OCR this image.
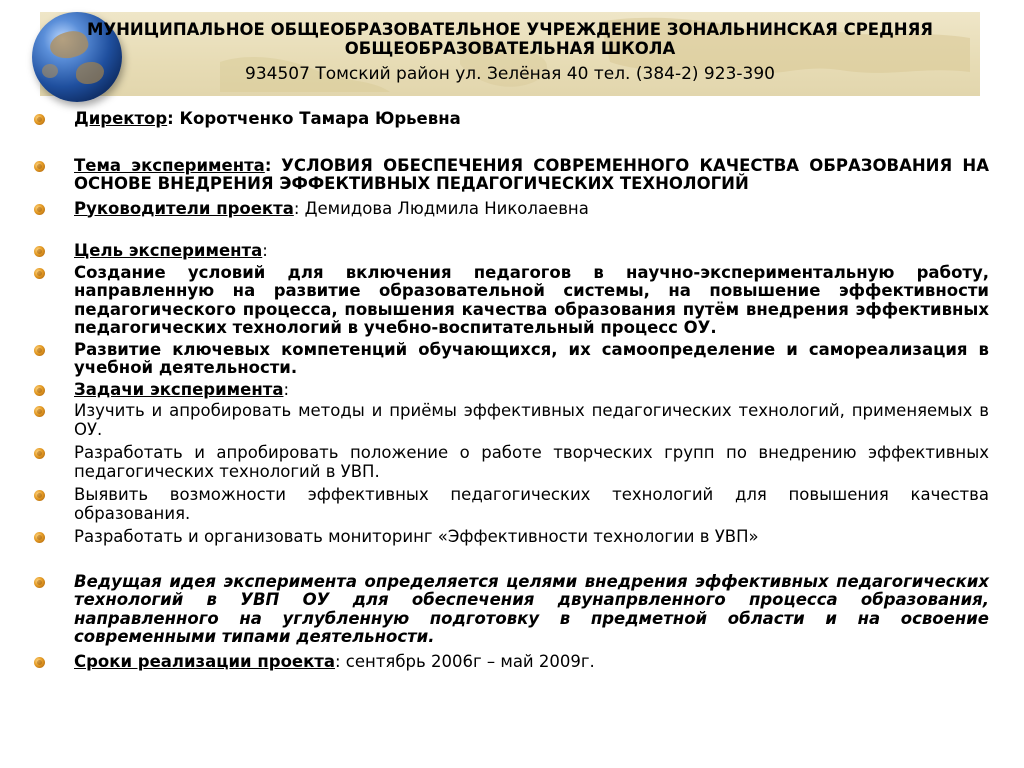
МУНИЦИПАЛЬНОЕ ОБЩЕОБРАЗОВАТЕЛЬНОЕ УЧРЕЖДЕНИЕ ЗОНАЛЬНИНСКАЯ СРЕДНЯЯ
ОБЩЕОБРАЗОВАТЕЛЬНАЯ ШКОЛА
934507 Томский район ул. Зелёная 40 тел. (384-2) 923-390
Директор: Коротченко Тамара Юрьевна
Тема эксперимента: УСЛОВИЯ ОБЕСПЕЧЕНИЯ СОВРЕМЕННОГО КАЧЕСТВА ОБРАЗОВАНИЯ НА ОСНОВЕ ВНЕДРЕНИЯ ЭФФЕКТИВНЫХ ПЕДАГОГИЧЕСКИХ ТЕХНОЛОГИЙ
Руководители проекта: Демидова Людмила Николаевна
Цель эксперимента:
Создание условий для включения педагогов в научно-экспериментальную работу, направленную на развитие образовательной системы, на повышение эффективности педагогического процесса, повышения качества образования путём внедрения эффективных педагогических технологий в учебно-воспитательный процесс ОУ.
Развитие ключевых компетенций обучающихся, их самоопределение и самореализация в учебной деятельности.
Задачи эксперимента:
Изучить и апробировать методы и приёмы эффективных педагогических технологий, применяемых в ОУ.
Разработать и апробировать положение о работе творческих групп по внедрению эффективных педагогических технологий в УВП.
Выявить возможности эффективных педагогических технологий для повышения качества образования.
Разработать и организовать мониторинг «Эффективности технологии в УВП»
Ведущая идея эксперимента определяется целями внедрения эффективных педагогических технологий в УВП ОУ для обеспечения двунапрвленного процесса образования, направленного на углубленную подготовку в предметной области и на освоение современными типами деятельности.
Сроки реализации проекта: сентябрь 2006г – май 2009г.
